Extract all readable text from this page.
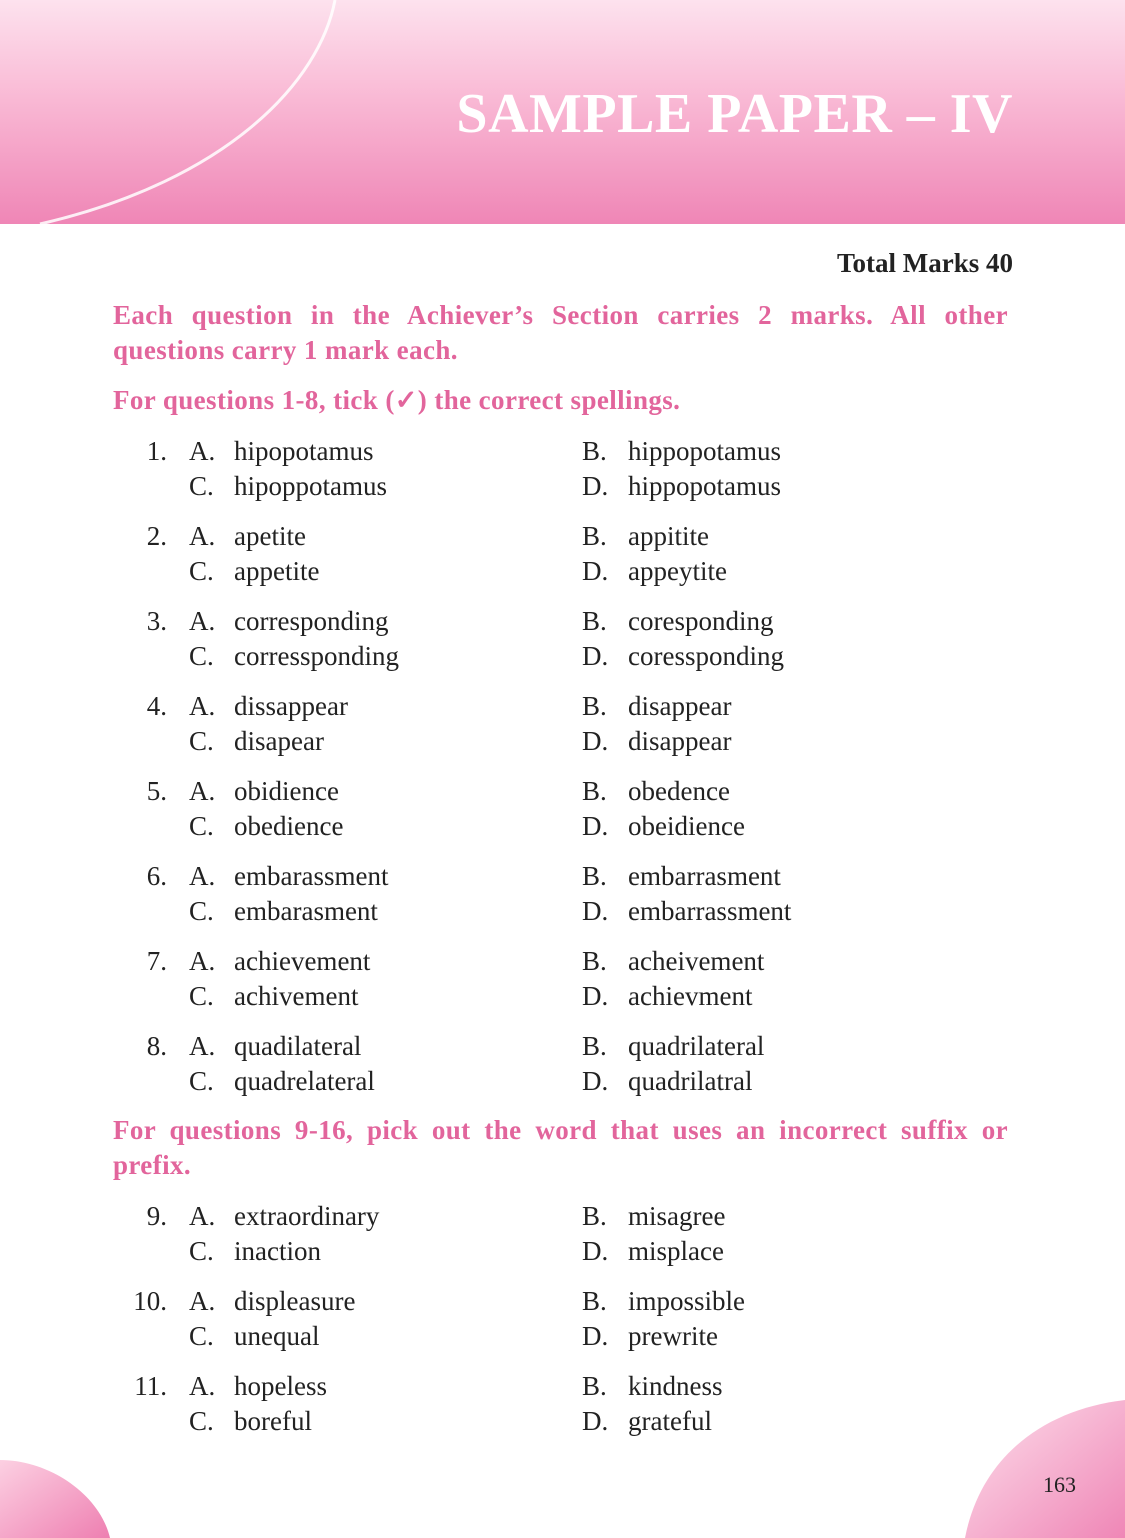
SAMPLE PAPER – IV
Total Marks 40
Each question in the Achiever’s Section carries 2 marks. All other questions carry 1 mark each.
For questions 1-8, tick (✓) the correct spellings.
1. A. hipopotamus	B. hippopotamus
C. hipoppotamus	D. hippopotamus
2. A. apetite	B. appitite
C. appetite	D. appeytite
3. A. corresponding	B. coresponding
C. corressponding	D. coressponding
4. A. dissappear	B. disappear
C. disapear	D. disappear
5. A. obidience	B. obedence
C. obedience	D. obeidience
6. A. embarassment	B. embarrasment
C. embarasment	D. embarrassment
7. A. achievement	B. acheivement
C. achivement	D. achievment
8. A. quadilateral	B. quadrilateral
C. quadrelateral	D. quadrilatral
For questions 9-16, pick out the word that uses an incorrect suffix or prefix.
9. A. extraordinary	B. misagree
C. inaction	D. misplace
10. A. displeasure	B. impossible
C. unequal	D. prewrite
11. A. hopeless	B. kindness
C. boreful	D. grateful
163
